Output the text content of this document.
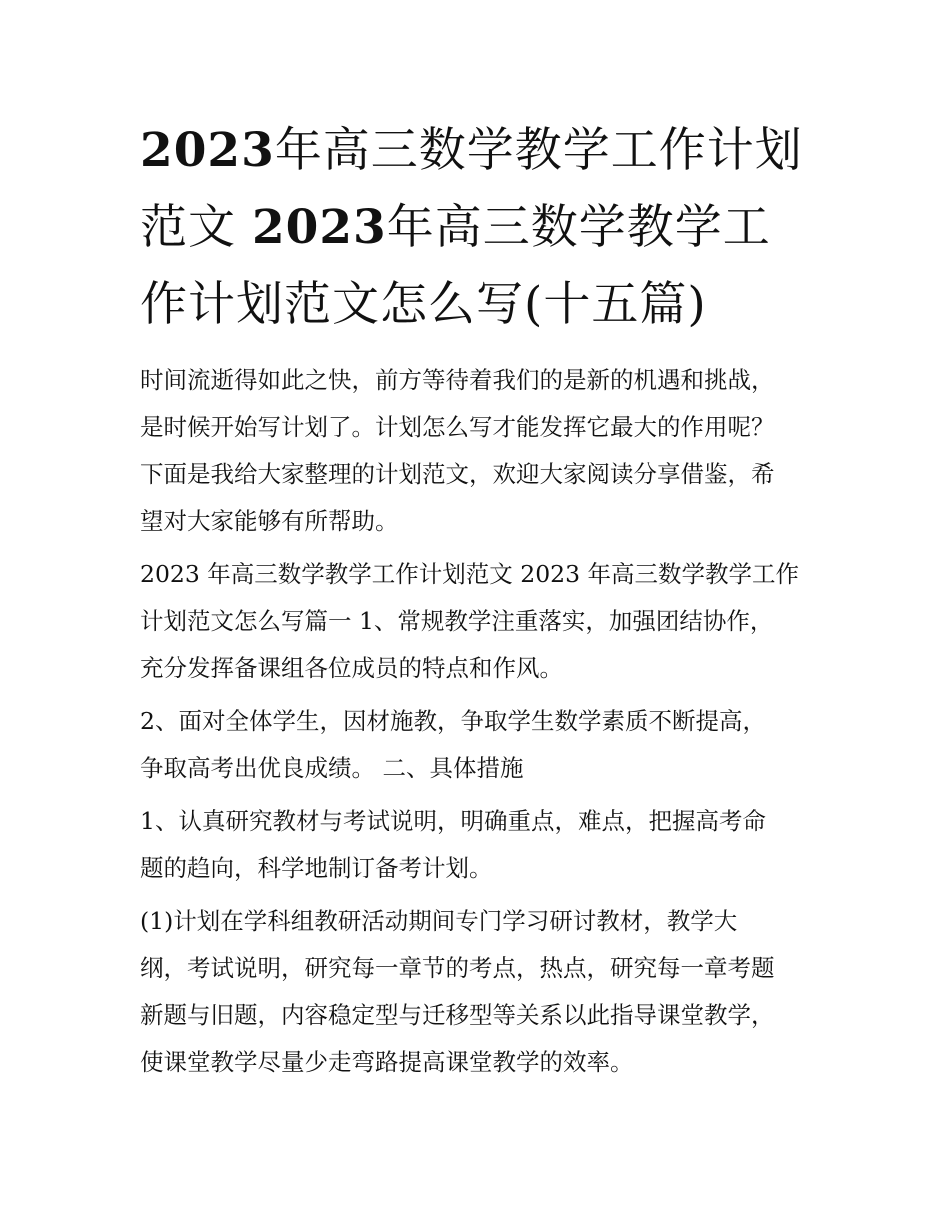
2023年高三数学教学工作计划
范文 2023年高三数学教学工
作计划范文怎么写(十五篇)

时间流逝得如此之快，前方等待着我们的是新的机遇和挑战，
是时候开始写计划了。计划怎么写才能发挥它最大的作用呢？
下面是我给大家整理的计划范文，欢迎大家阅读分享借鉴，希
望对大家能够有所帮助。

2023 年高三数学教学工作计划范文 2023 年高三数学教学工作
计划范文怎么写篇一 1、常规教学注重落实，加强团结协作，
充分发挥备课组各位成员的特点和作风。

2、面对全体学生，因材施教，争取学生数学素质不断提高，
争取高考出优良成绩。 二、具体措施

1、认真研究教材与考试说明，明确重点，难点，把握高考命
题的趋向，科学地制订备考计划。

(1)计划在学科组教研活动期间专门学习研讨教材，教学大
纲，考试说明，研究每一章节的考点，热点，研究每一章考题
新题与旧题，内容稳定型与迁移型等关系以此指导课堂教学，
使课堂教学尽量少走弯路提高课堂教学的效率。
